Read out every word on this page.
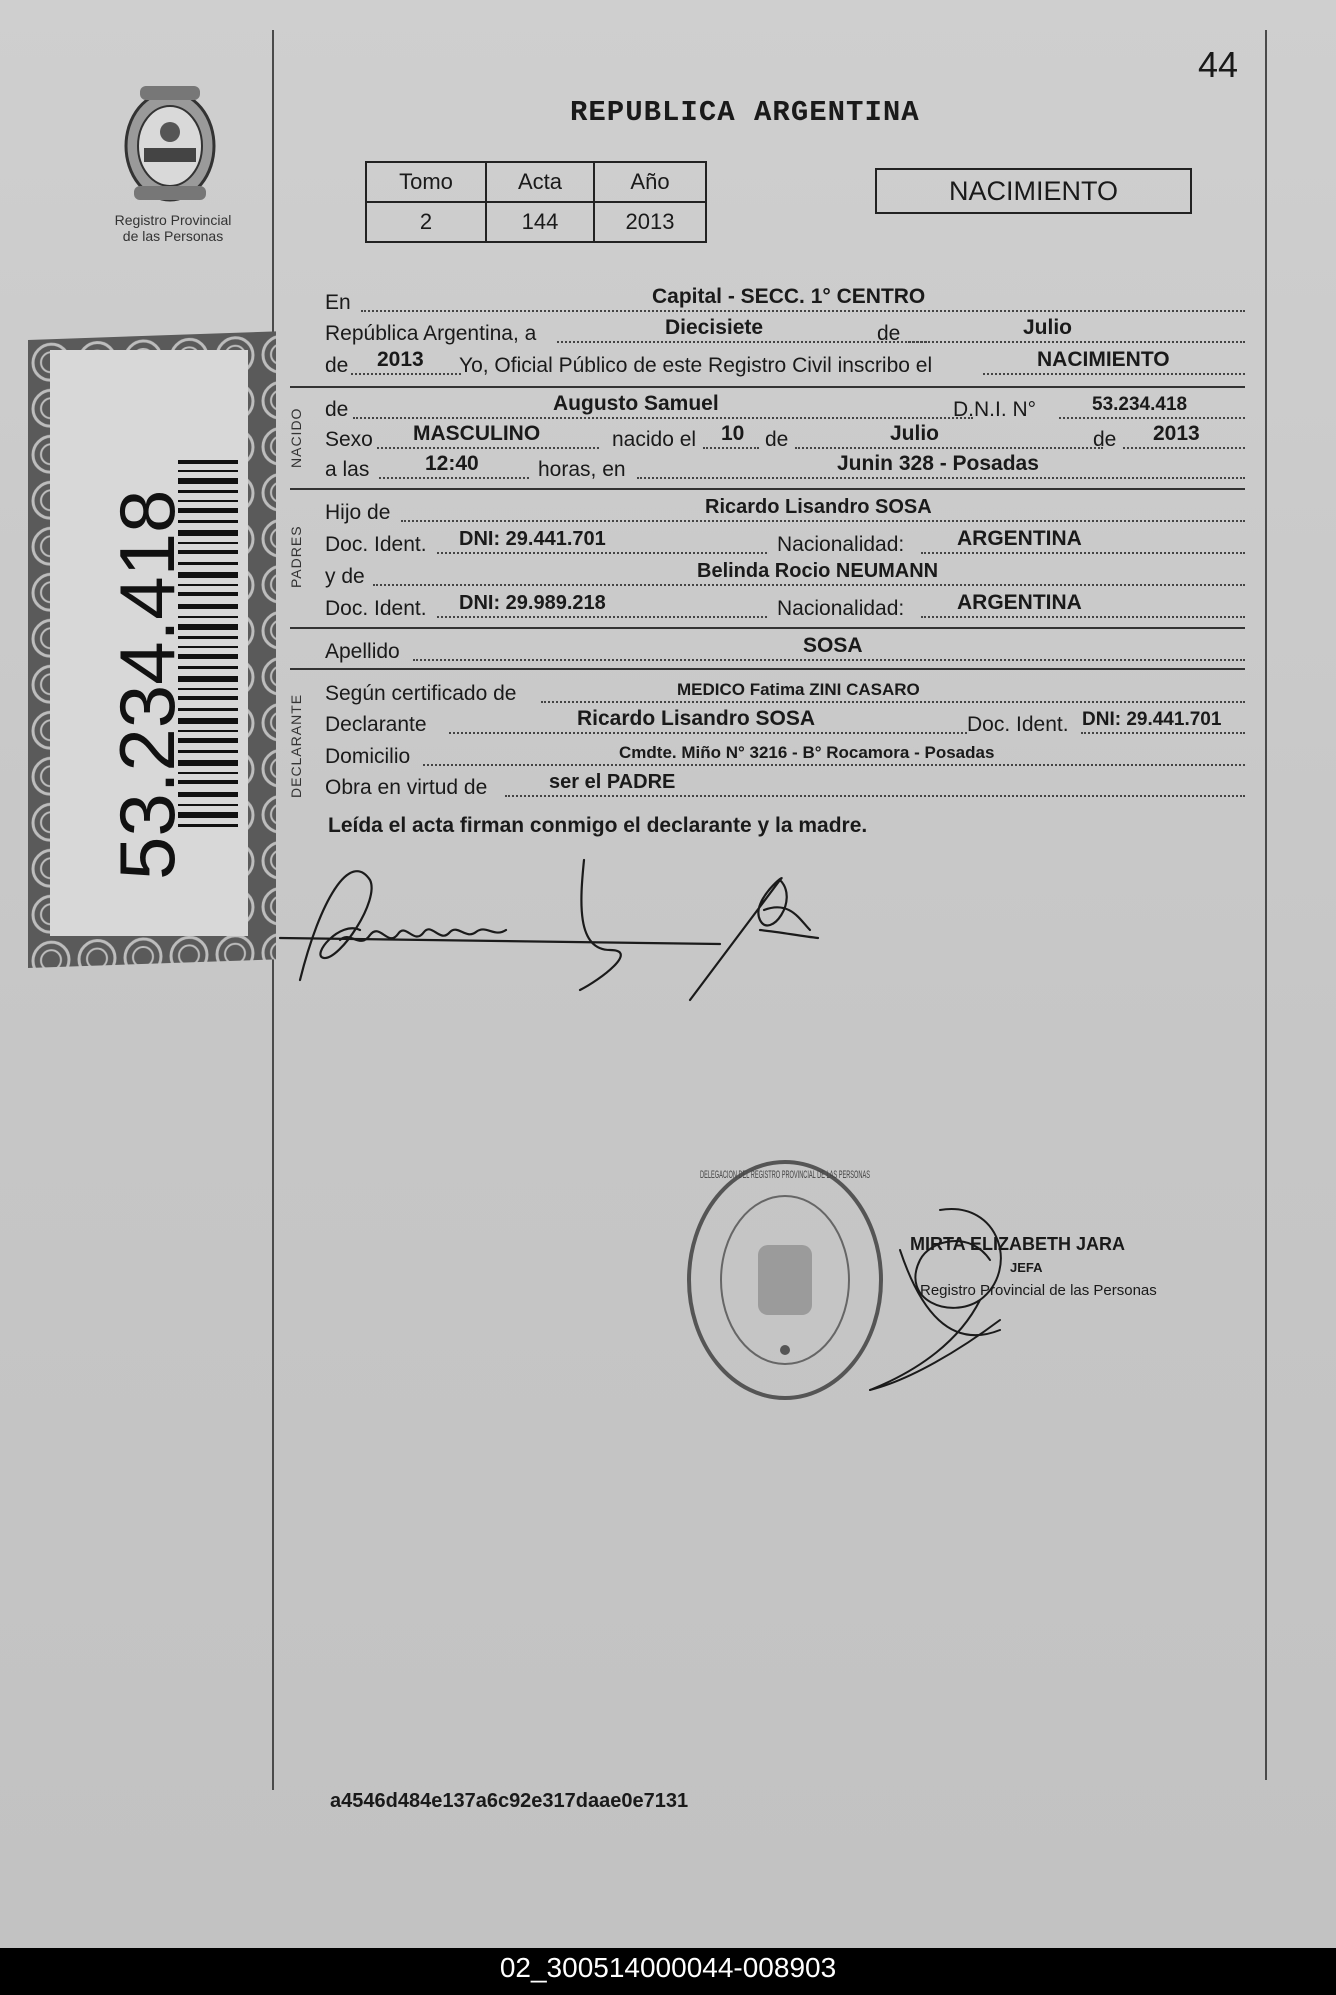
44
Registro Provincial
de las Personas
REPUBLICA ARGENTINA
Tomo	Acta	Año
2	144	2013
NACIMIENTO
53.234.418
En	Capital - SECC. 1° CENTRO
República Argentina, a	Diecisiete	de	Julio
de 2013 Yo, Oficial Público de este Registro Civil inscribo el	NACIMIENTO
NACIDO de	Augusto Samuel	D.N.I. N°	53.234.418
Sexo MASCULINO	nacido el 10 de	Julio	de 2013
a las	12:40	horas, en	Junin 328 - Posadas
PADRES
Hijo de	Ricardo Lisandro SOSA
Doc. Ident. DNI: 29.441.701	Nacionalidad:	ARGENTINA
y de	Belinda Rocio NEUMANN
Doc. Ident. DNI: 29.989.218	Nacionalidad:	ARGENTINA
Apellido	SOSA
DECLARANTE
Según certificado de	MEDICO Fatima ZINI CASARO
Declarante	Ricardo Lisandro SOSA	Doc. Ident. DNI: 29.441.701
Domicilio	Cmdte. Miño N° 3216 - B° Rocamora - Posadas
Obra en virtud de	ser el PADRE
Leída el acta firman conmigo el declarante y la madre.
DELEGACION DEL REGISTRO PROVINCIAL DE LAS PERSONAS
MIRTA ELIZABETH JARA
JEFA
Registro Provincial de las Personas
a4546d484e137a6c92e317daae0e7131
02_300514000044-008903
